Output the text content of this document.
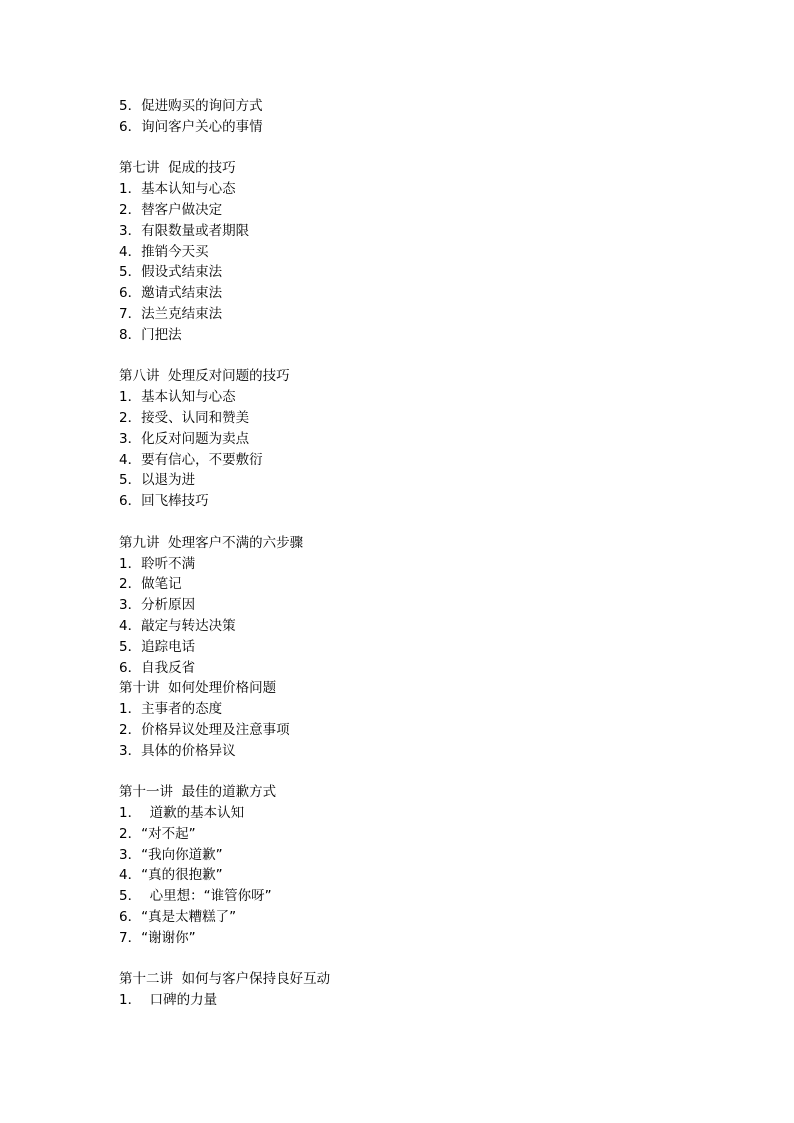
5．促进购买的询问方式
6．询问客户关心的事情
第七讲  促成的技巧
1．基本认知与心态
2．替客户做决定
3．有限数量或者期限
4．推销今天买
5．假设式结束法
6．邀请式结束法
7．法兰克结束法
8．门把法
第八讲  处理反对问题的技巧
1．基本认知与心态
2．接受、认同和赞美
3．化反对问题为卖点
4．要有信心，不要敷衍
5．以退为进
6．回飞棒技巧
第九讲  处理客户不满的六步骤
1．聆听不满
2．做笔记
3．分析原因
4．敲定与转达决策
5．追踪电话
6．自我反省
第十讲  如何处理价格问题
1．主事者的态度
2．价格异议处理及注意事项
3．具体的价格异议
第十一讲  最佳的道歉方式
1．  道歉的基本认知
2．“对不起”
3．“我向你道歉”
4．“真的很抱歉”
5．  心里想：“谁管你呀”
6．“真是太糟糕了”
7．“谢谢你”
第十二讲  如何与客户保持良好互动
1．  口碑的力量
